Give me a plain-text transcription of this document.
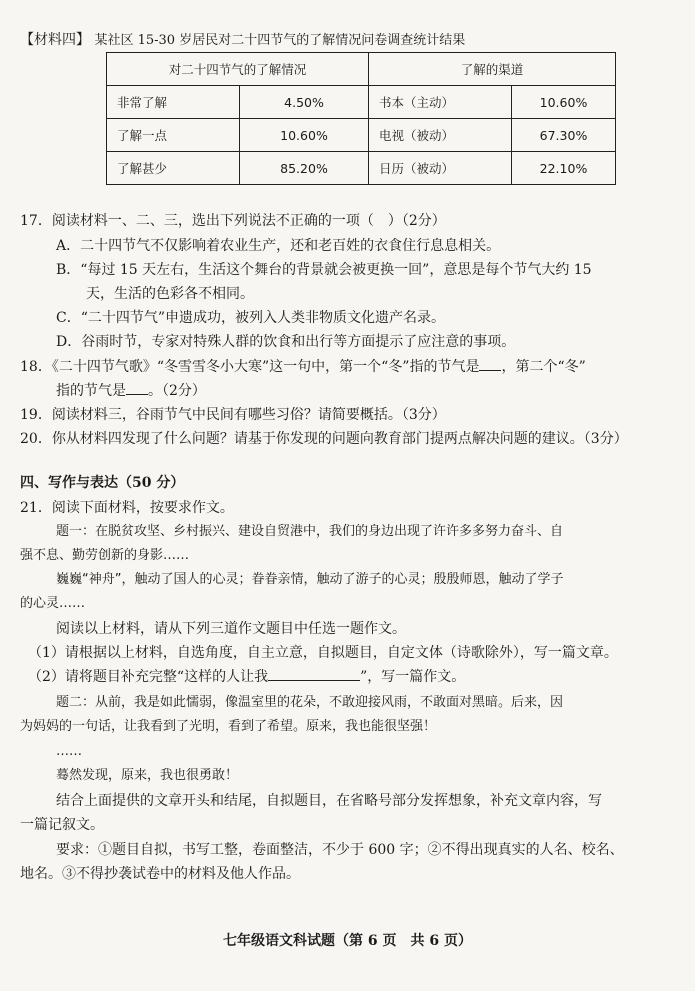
【材料四】 某社区 15-30 岁居民对二十四节气的了解情况问卷调查统计结果
对二十四节气的了解情况		了解的渠道	
非常了解	4.50%	书本（主动）	10.60%
了解一点	10.60%	电视（被动）	67.30%
了解甚少	85.20%	日历（被动）	22.10%
17．阅读材料一、二、三，选出下列说法不正确的一项（　）（2分）
A．二十四节气不仅影响着农业生产，还和老百姓的衣食住行息息相关。
B．“每过 15 天左右，生活这个舞台的背景就会被更换一回”，意思是每个节气大约 15
天，生活的色彩各不相同。
C．“二十四节气”申遗成功，被列入人类非物质文化遗产名录。
D．谷雨时节，专家对特殊人群的饮食和出行等方面提示了应注意的事项。
18．《二十四节气歌》“冬雪雪冬小大寒”这一句中，第一个“冬”指的节气是 ，第二个“冬”
指的节气是 。（2分）
19．阅读材料三，谷雨节气中民间有哪些习俗？请简要概括。（3分）
20．你从材料四发现了什么问题？请基于你发现的问题向教育部门提两点解决问题的建议。（3分）
四、写作与表达（50 分）
21．阅读下面材料，按要求作文。
题一：在脱贫攻坚、乡村振兴、建设自贸港中，我们的身边出现了许许多多努力奋斗、自
强不息、勤劳创新的身影……
巍巍“神舟”，触动了国人的心灵；眷眷亲情，触动了游子的心灵；殷殷师恩，触动了学子
的心灵……
阅读以上材料，请从下列三道作文题目中任选一题作文。
（1）请根据以上材料，自选角度，自主立意，自拟题目，自定文体（诗歌除外），写一篇文章。
（2）请将题目补充完整“这样的人让我	”，写一篇作文。
题二：从前，我是如此懦弱，像温室里的花朵，不敢迎接风雨，不敢面对黑暗。后来，因
为妈妈的一句话，让我看到了光明，看到了希望。原来，我也能很坚强！
……
蓦然发现，原来，我也很勇敢！
结合上面提供的文章开头和结尾，自拟题目，在省略号部分发挥想象，补充文章内容，写
一篇记叙文。
要求：①题目自拟，书写工整，卷面整洁，不少于 600 字；②不得出现真实的人名、校名、
地名。③不得抄袭试卷中的材料及他人作品。
七年级语文科试题（第 6 页　共 6 页）
